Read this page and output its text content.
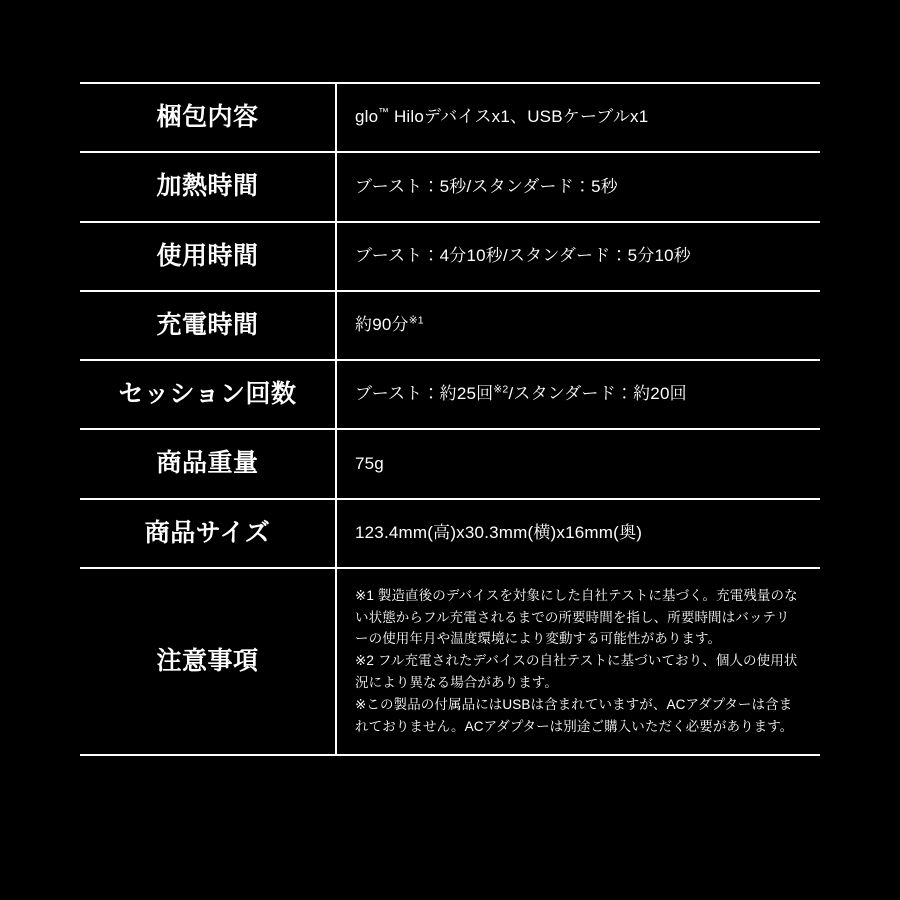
梱包内容	glo™ Hiloデバイスx1、USBケーブルx1
加熱時間	ブースト：5秒/スタンダード：5秒
使用時間	ブースト：4分10秒/スタンダード：5分10秒
充電時間	約90分$^{※1}$
セッション回数	ブースト：約25回$^{※2}$/スタンダード：約20回
商品重量	75g
商品サイズ	123.4mm(高)x30.3mm(横)x16mm(奥)
注意事項	※1 製造直後のデバイスを対象にした自社テストに基づく。充電残量のない状態からフル充電されるまでの所要時間を指し、所要時間はバッテリーの使用年月や温度環境により変動する可能性があります。

※2 フル充電されたデバイスの自社テストに基づいており、個人の使用状況により異なる場合があります。

※この製品の付属品にはUSBは含まれていますが、ACアダプターは含まれておりません。ACアダプターは別途ご購入いただく必要があります。
